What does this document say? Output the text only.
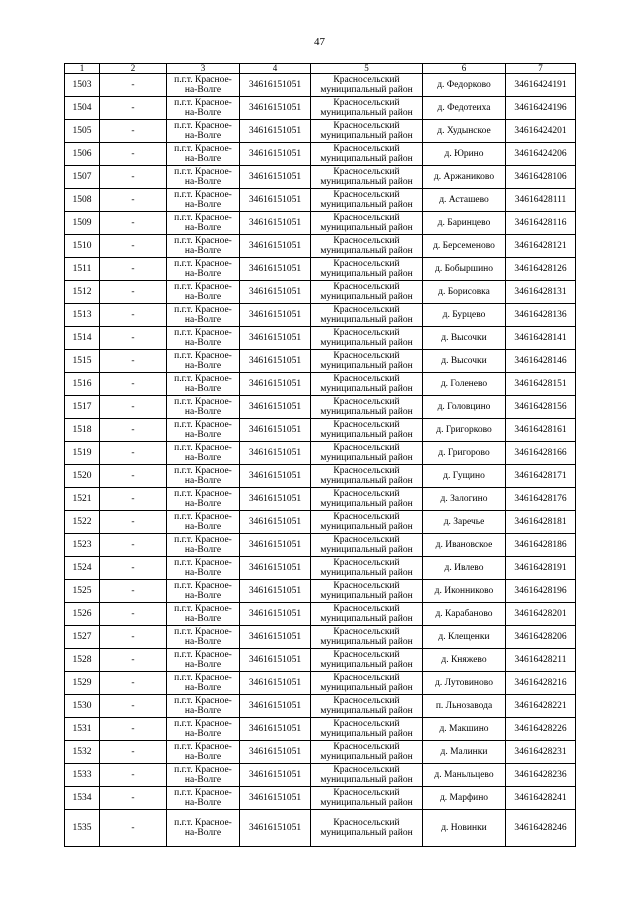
47
1	2	3	4	5	6	7
1503	-	п.г.т. Красное-
на-Волге	34616151051	Красносельский
муниципальный район	д. Федорково	34616424191
1504	-	п.г.т. Красное-
на-Волге	34616151051	Красносельский
муниципальный район	д. Федотеиха	34616424196
1505	-	п.г.т. Красное-
на-Волге	34616151051	Красносельский
муниципальный район	д. Худынское	34616424201
1506	-	п.г.т. Красное-
на-Волге	34616151051	Красносельский
муниципальный район	д. Юрино	34616424206
1507	-	п.г.т. Красное-
на-Волге	34616151051	Красносельский
муниципальный район	д. Аржаниково	34616428106
1508	-	п.г.т. Красное-
на-Волге	34616151051	Красносельский
муниципальный район	д. Асташево	34616428111
1509	-	п.г.т. Красное-
на-Волге	34616151051	Красносельский
муниципальный район	д. Баринцево	34616428116
1510	-	п.г.т. Красное-
на-Волге	34616151051	Красносельский
муниципальный район	д. Берсеменово	34616428121
1511	-	п.г.т. Красное-
на-Волге	34616151051	Красносельский
муниципальный район	д. Бобыршино	34616428126
1512	-	п.г.т. Красное-
на-Волге	34616151051	Красносельский
муниципальный район	д. Борисовка	34616428131
1513	-	п.г.т. Красное-
на-Волге	34616151051	Красносельский
муниципальный район	д. Бурцево	34616428136
1514	-	п.г.т. Красное-
на-Волге	34616151051	Красносельский
муниципальный район	д. Высочки	34616428141
1515	-	п.г.т. Красное-
на-Волге	34616151051	Красносельский
муниципальный район	д. Высочки	34616428146
1516	-	п.г.т. Красное-
на-Волге	34616151051	Красносельский
муниципальный район	д. Голенево	34616428151
1517	-	п.г.т. Красное-
на-Волге	34616151051	Красносельский
муниципальный район	д. Головцино	34616428156
1518	-	п.г.т. Красное-
на-Волге	34616151051	Красносельский
муниципальный район	д. Григорково	34616428161
1519	-	п.г.т. Красное-
на-Волге	34616151051	Красносельский
муниципальный район	д. Григорово	34616428166
1520	-	п.г.т. Красное-
на-Волге	34616151051	Красносельский
муниципальный район	д. Гущино	34616428171
1521	-	п.г.т. Красное-
на-Волге	34616151051	Красносельский
муниципальный район	д. Залогино	34616428176
1522	-	п.г.т. Красное-
на-Волге	34616151051	Красносельский
муниципальный район	д. Заречье	34616428181
1523	-	п.г.т. Красное-
на-Волге	34616151051	Красносельский
муниципальный район	д. Ивановское	34616428186
1524	-	п.г.т. Красное-
на-Волге	34616151051	Красносельский
муниципальный район	д. Ивлево	34616428191
1525	-	п.г.т. Красное-
на-Волге	34616151051	Красносельский
муниципальный район	д. Иконниково	34616428196
1526	-	п.г.т. Красное-
на-Волге	34616151051	Красносельский
муниципальный район	д. Карабаново	34616428201
1527	-	п.г.т. Красное-
на-Волге	34616151051	Красносельский
муниципальный район	д. Клещенки	34616428206
1528	-	п.г.т. Красное-
на-Волге	34616151051	Красносельский
муниципальный район	д. Княжево	34616428211
1529	-	п.г.т. Красное-
на-Волге	34616151051	Красносельский
муниципальный район	д. Лутовиново	34616428216
1530	-	п.г.т. Красное-
на-Волге	34616151051	Красносельский
муниципальный район	п. Льнозавода	34616428221
1531	-	п.г.т. Красное-
на-Волге	34616151051	Красносельский
муниципальный район	д. Макшино	34616428226
1532	-	п.г.т. Красное-
на-Волге	34616151051	Красносельский
муниципальный район	д. Малинки	34616428231
1533	-	п.г.т. Красное-
на-Волге	34616151051	Красносельский
муниципальный район	д. Маньльцево	34616428236
1534	-	п.г.т. Красное-
на-Волге	34616151051	Красносельский
муниципальный район	д. Марфино	34616428241
1535	-	п.г.т. Красное-
на-Волге	34616151051	Красносельский
муниципальный район	д. Новинки	34616428246
